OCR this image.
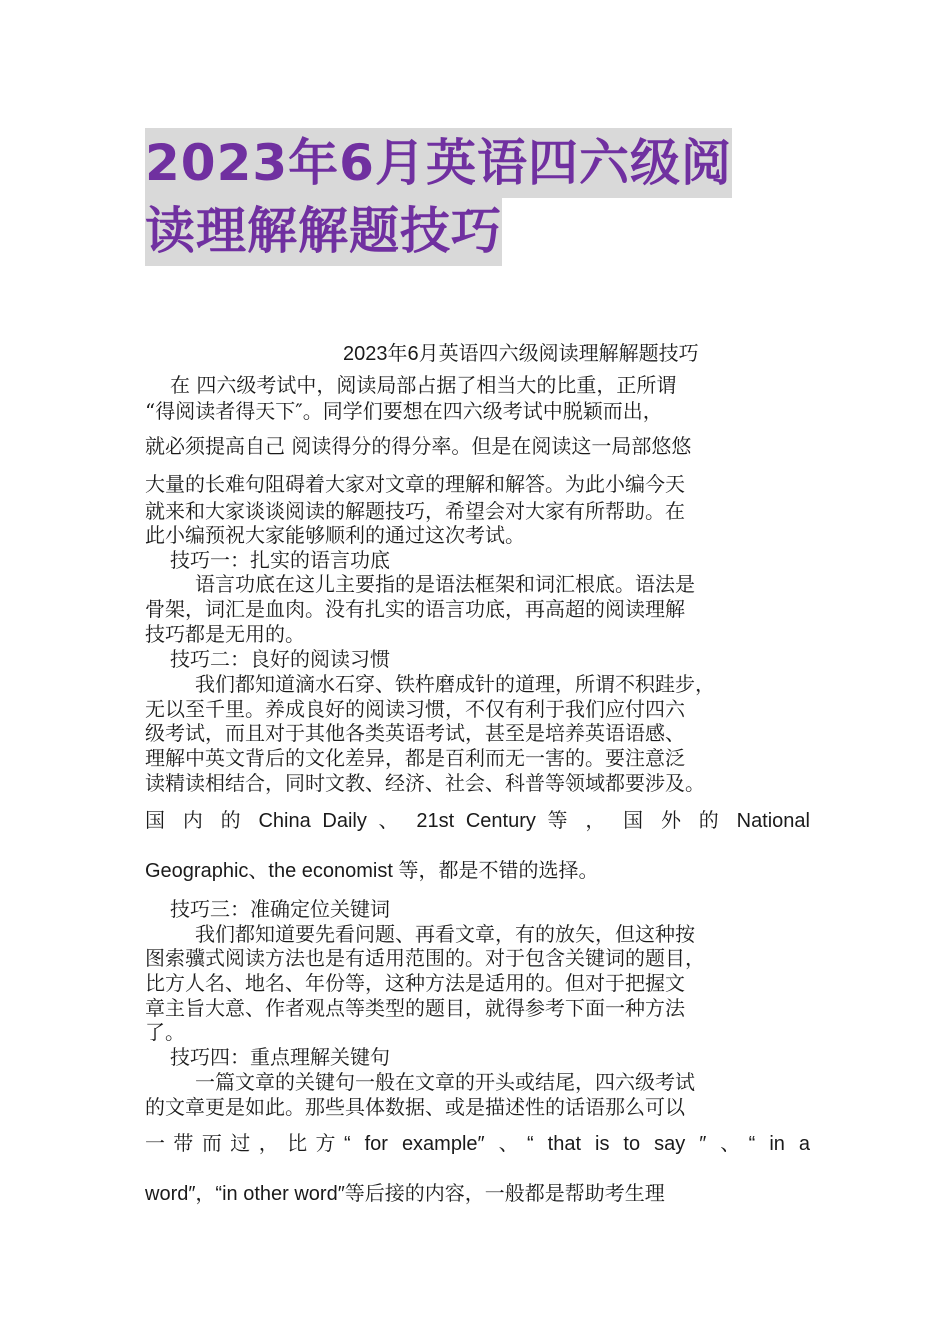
2023年6月英语四六级阅
读理解解题技巧
2023年6月英语四六级阅读理解解题技巧
在 四六级考试中，阅读局部占据了相当大的比重，正所谓
“得阅读者得天下″。同学们要想在四六级考试中脱颖而出，
就必须提高自己 阅读得分的得分率。但是在阅读这一局部悠悠
大量的长难句阻碍着大家对文章的理解和解答。为此小编今天
就来和大家谈谈阅读的解题技巧，希望会对大家有所帮助。在
此小编预祝大家能够顺利的通过这次考试。
技巧一：扎实的语言功底
语言功底在这儿主要指的是语法框架和词汇根底。语法是
骨架，词汇是血肉。没有扎实的语言功底，再高超的阅读理解
技巧都是无用的。
技巧二：良好的阅读习惯
我们都知道滴水石穿、铁杵磨成针的道理，所谓不积跬步，
无以至千里。养成良好的阅读习惯，不仅有利于我们应付四六
级考试，而且对于其他各类英语考试，甚至是培养英语语感、
理解中英文背后的文化差异，都是百利而无一害的。要注意泛
读精读相结合，同时文教、经济、社会、科普等领域都要涉及。
国 内 的 China Daily 、 21st Century 等 ， 国 外 的 National
Geographic、the economist 等，都是不错的选择。
技巧三：准确定位关键词
我们都知道要先看问题、再看文章，有的放矢，但这种按
图索骥式阅读方法也是有适用范围的。对于包含关键词的题目，
比方人名、地名、年份等，这种方法是适用的。但对于把握文
章主旨大意、作者观点等类型的题目，就得参考下面一种方法
了。
技巧四：重点理解关键句
一篇文章的关键句一般在文章的开头或结尾，四六级考试
的文章更是如此。那些具体数据、或是描述性的话语那么可以
一带而过，比方“ for example″ 、“ that is to say ″ 、“ in a
word″，“in other word″等后接的内容，一般都是帮助考生理
